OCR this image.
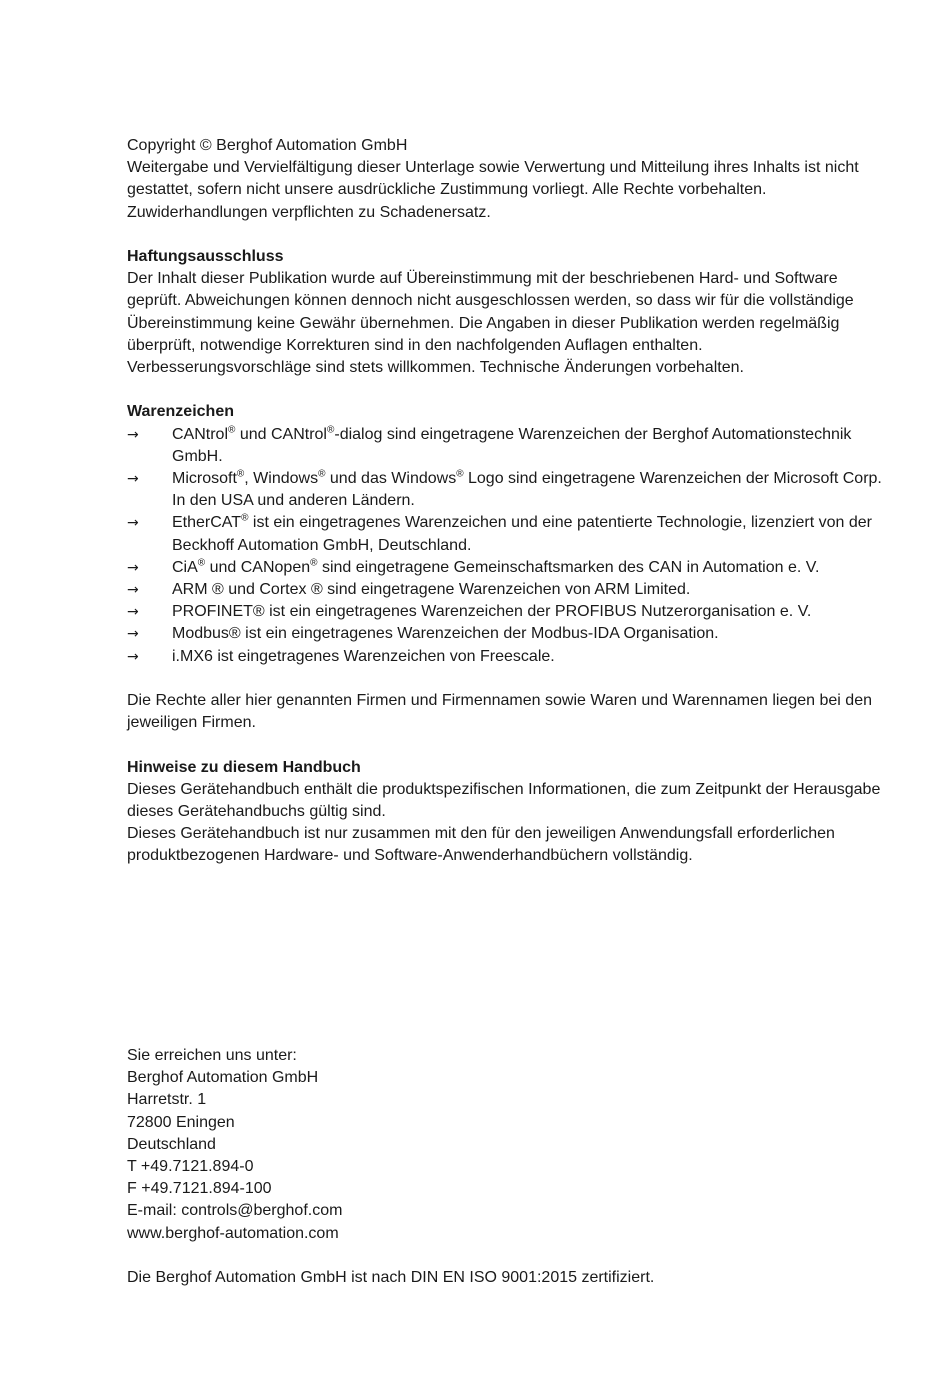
Copyright © Berghof Automation GmbH

Weitergabe und Vervielfältigung dieser Unterlage sowie Verwertung und Mitteilung ihres Inhalts ist nicht gestattet, sofern nicht unsere ausdrückliche Zustimmung vorliegt. Alle Rechte vorbehalten. Zuwiderhandlungen verpflichten zu Schadenersatz.

Haftungsausschluss

Der Inhalt dieser Publikation wurde auf Übereinstimmung mit der beschriebenen Hard- und Software geprüft. Abweichungen können dennoch nicht ausgeschlossen werden, so dass wir für die vollständige Übereinstimmung keine Gewähr übernehmen. Die Angaben in dieser Publikation werden regelmäßig überprüft, notwendige Korrekturen sind in den nachfolgenden Auflagen enthalten. Verbesserungsvorschläge sind stets willkommen. Technische Änderungen vorbehalten.

Warenzeichen

→ CANtrol® und CANtrol®-dialog sind eingetragene Warenzeichen der Berghof Automationstechnik GmbH.
→ Microsoft®, Windows® und das Windows® Logo sind eingetragene Warenzeichen der Microsoft Corp. In den USA und anderen Ländern.
→ EtherCAT® ist ein eingetragenes Warenzeichen und eine patentierte Technologie, lizenziert von der Beckhoff Automation GmbH, Deutschland.
→ CiA® und CANopen® sind eingetragene Gemeinschaftsmarken des CAN in Automation e. V.
→ ARM ® und Cortex ® sind eingetragene Warenzeichen von ARM Limited.
→ PROFINET® ist ein eingetragenes Warenzeichen der PROFIBUS Nutzerorganisation e. V.
→ Modbus® ist ein eingetragenes Warenzeichen der Modbus-IDA Organisation.
→ i.MX6 ist eingetragenes Warenzeichen von Freescale.

Die Rechte aller hier genannten Firmen und Firmennamen sowie Waren und Warennamen liegen bei den jeweiligen Firmen.

Hinweise zu diesem Handbuch

Dieses Gerätehandbuch enthält die produktspezifischen Informationen, die zum Zeitpunkt der Herausgabe dieses Gerätehandbuchs gültig sind.

Dieses Gerätehandbuch ist nur zusammen mit den für den jeweiligen Anwendungsfall erforderlichen produktbezogenen Hardware- und Software-Anwenderhandbüchern vollständig.

Sie erreichen uns unter:

Berghof Automation GmbH

Harretstr. 1

72800 Eningen

Deutschland

T +49.7121.894-0

F +49.7121.894-100

E-mail: controls@berghof.com

www.berghof-automation.com

Die Berghof Automation GmbH ist nach DIN EN ISO 9001:2015 zertifiziert.
